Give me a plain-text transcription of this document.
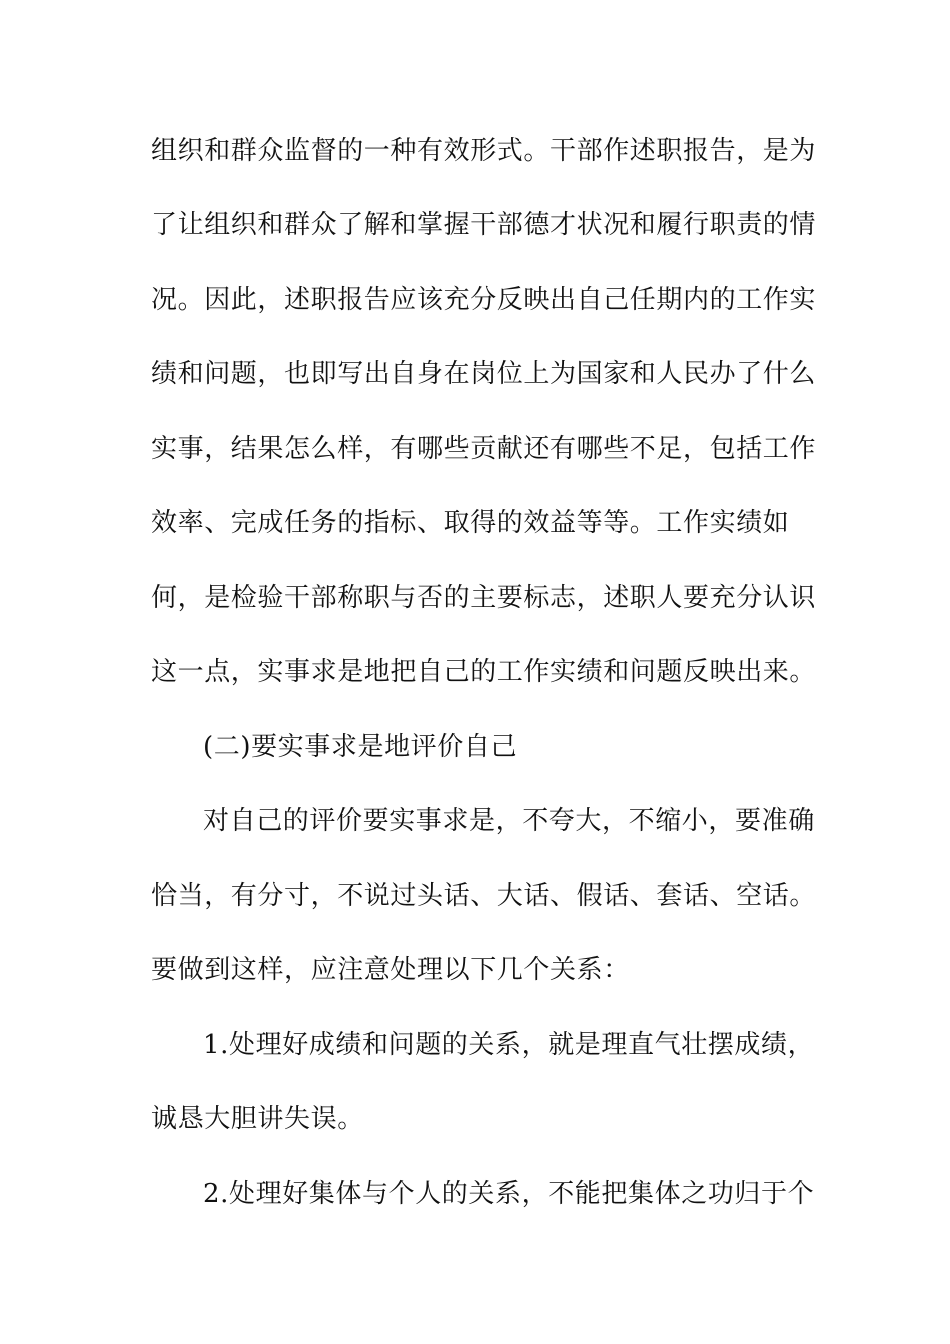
组织和群众监督的一种有效形式。干部作述职报告，是为
了让组织和群众了解和掌握干部德才状况和履行职责的情
况。因此，述职报告应该充分反映出自己任期内的工作实
绩和问题，也即写出自身在岗位上为国家和人民办了什么
实事，结果怎么样，有哪些贡献还有哪些不足，包括工作
效率、完成任务的指标、取得的效益等等。工作实绩如
何，是检验干部称职与否的主要标志，述职人要充分认识
这一点，实事求是地把自己的工作实绩和问题反映出来。
(二)要实事求是地评价自己
对自己的评价要实事求是，不夸大，不缩小，要准确
恰当，有分寸，不说过头话、大话、假话、套话、空话。
要做到这样，应注意处理以下几个关系：
1.处理好成绩和问题的关系，就是理直气壮摆成绩，
诚恳大胆讲失误。
2.处理好集体与个人的关系，不能把集体之功归于个
